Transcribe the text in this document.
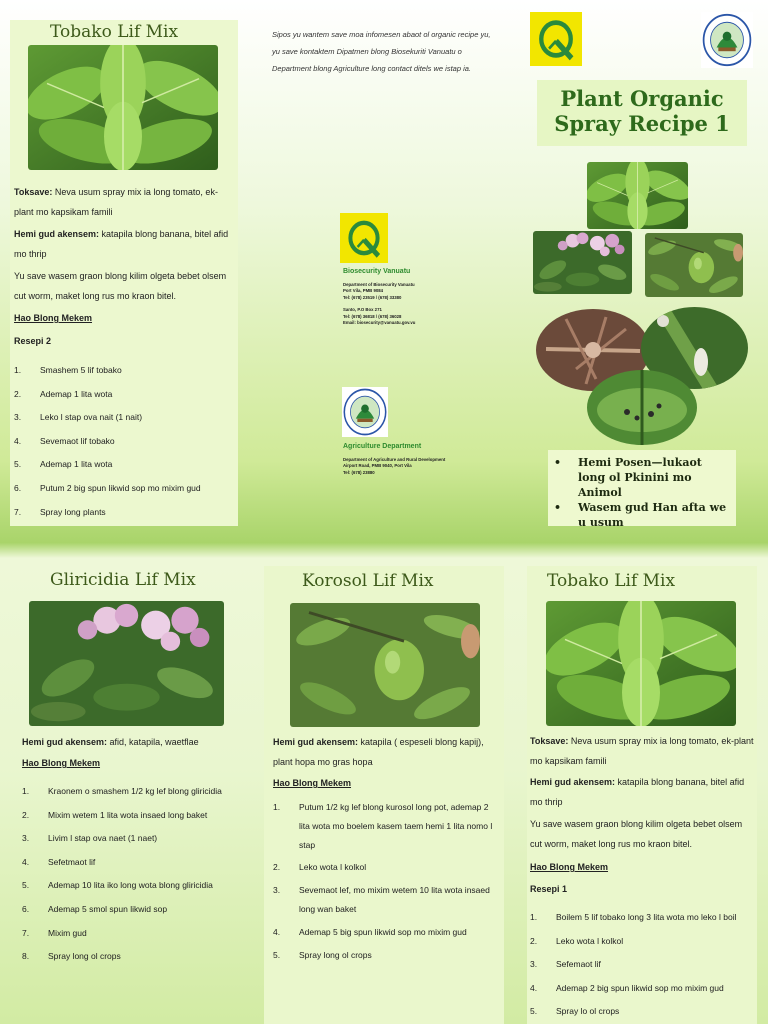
Tobako Lif Mix
Toksave: Neva usum spray mix ia long tomato, ek-plant mo kapsikam famili
Hemi gud akensem: katapila blong banana, bitel afid mo thrip
Yu save wasem graon blong kilim olgeta bebet olsem cut worm, maket long rus mo kraon bitel.
Hao Blong Mekem
Resepi 2
1.	Smashem 5 lif tobako
2.	Ademap 1 lita wota
3.	Leko l stap ova nait (1 nait)
4.	Sevemaot lif tobako
5.	Ademap 1 lita wota
6.	Putum 2 big spun likwid sop mo mixim gud
7.	Spray long plants
Sipos yu wantem save moa infomesen abaot ol organic recipe yu, yu save kontaktem Dipatmen blong Biosekuriti Vanuatu o Department blong Agriculture long contact ditels we istap ia.
Biosecurity Vanuatu
Department of Biosecurity Vanuatu
Port Vila, PMB 9084
Tel: (678) 23519 / (678) 33380
Santo, P.O Box 271
Tel: (678) 36818 / (678) 36028
Email: biosecurity@vanuatu.gov.vu
Agriculture Department
Department of Agriculture and Rural Development
Airport Road, PMB 9040, Port Vila
Tel: (678) 23880
Plant Organic
Spray Recipe 1
•	Hemi Posen—lukaot long ol Pkinini mo Animol
•	Wasem gud Han afta we u usum
Gliricidia Lif Mix
Hemi gud akensem: afid, katapila, waetflae
Hao Blong Mekem
1.	Kraonem o smashem 1/2 kg lef blong gliricidia
2.	Mixim wetem 1 lita wota insaed long baket
3.	Livim l stap ova naet (1 naet)
4.	Sefetmaot lif
5.	Ademap 10 lita iko long wota blong gliricidia
6.	Ademap 5 smol spun likwid sop
7.	Mixim gud
8.	Spray long ol crops
Korosol Lif Mix
Hemi gud akensem: katapila ( espeseli blong kapij), plant hopa mo gras hopa
Hao Blong Mekem
1.	Putum 1/2 kg lef blong kurosol long pot, ademap 2 lita wota mo boelem kasem taem hemi 1 lita nomo l stap
2.	Leko wota l kolkol
3.	Sevemaot lef, mo mixim wetem 10 lita wota insaed long wan baket
4.	Ademap 5 big spun likwid sop mo mixim gud
5.	Spray long ol crops
Tobako Lif Mix
Toksave: Neva usum spray mix ia long tomato, ek-plant mo kapsikam famili
Hemi gud akensem: katapila blong banana, bitel afid mo thrip
Yu save wasem graon blong kilim olgeta bebet olsem cut worm, maket long rus mo kraon bitel.
Hao Blong Mekem
Resepi 1
1.	Boilem 5 lif tobako long 3 lita wota mo leko l boil
2.	Leko wota l kolkol
3.	Sefemaot lif
4.	Ademap 2 big spun likwid sop mo mixim gud
5.	Spray lo ol crops
